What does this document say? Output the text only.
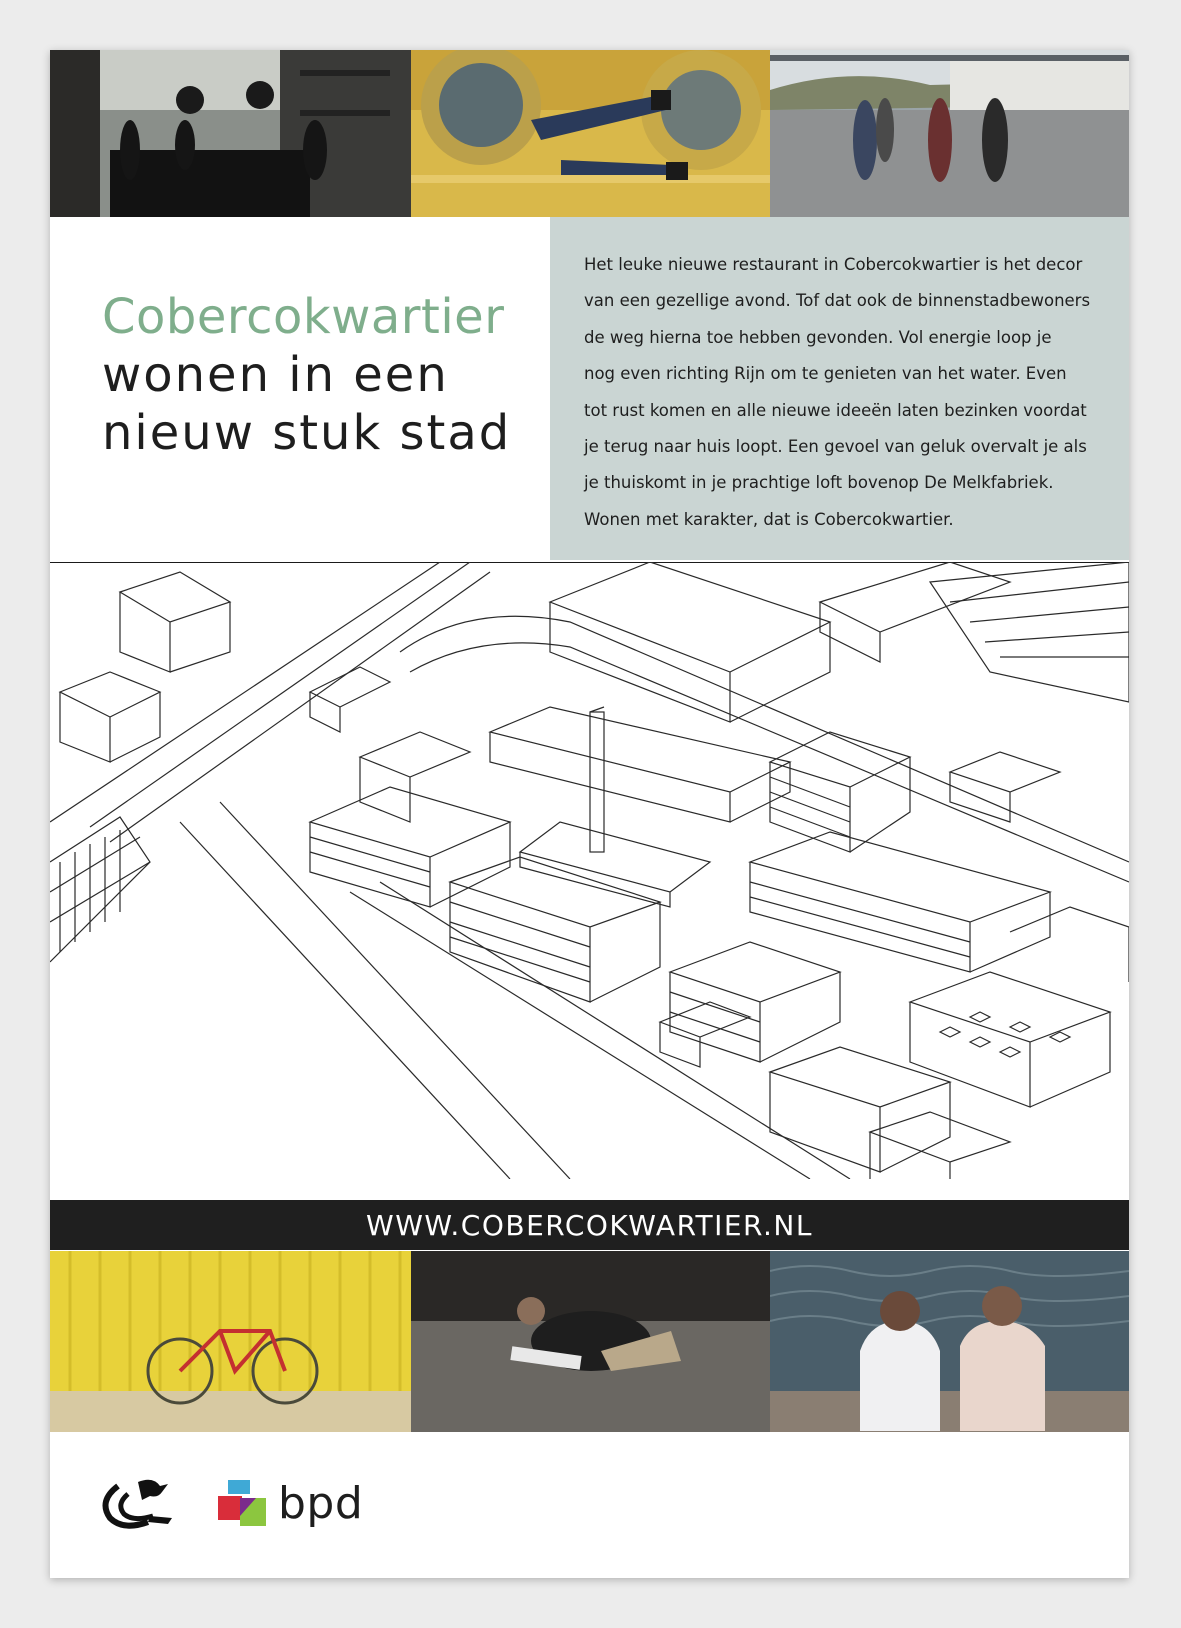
Cobercokwartier
wonen in een
nieuw stuk stad

Het leuke nieuwe restaurant in Cobercokwartier is het decor

van een gezellige avond. Tof dat ook de binnenstadbewoners

de weg hierna toe hebben gevonden. Vol energie loop je

nog even richting Rijn om te genieten van het water. Even

tot rust komen en alle nieuwe ideeën laten bezinken voordat

je terug naar huis loopt. Een gevoel van geluk overvalt je als

je thuiskomt in je prachtige loft bovenop De Melkfabriek.

Wonen met karakter, dat is Cobercokwartier.

WWW.COBERCOKWARTIER.NL
bpd
